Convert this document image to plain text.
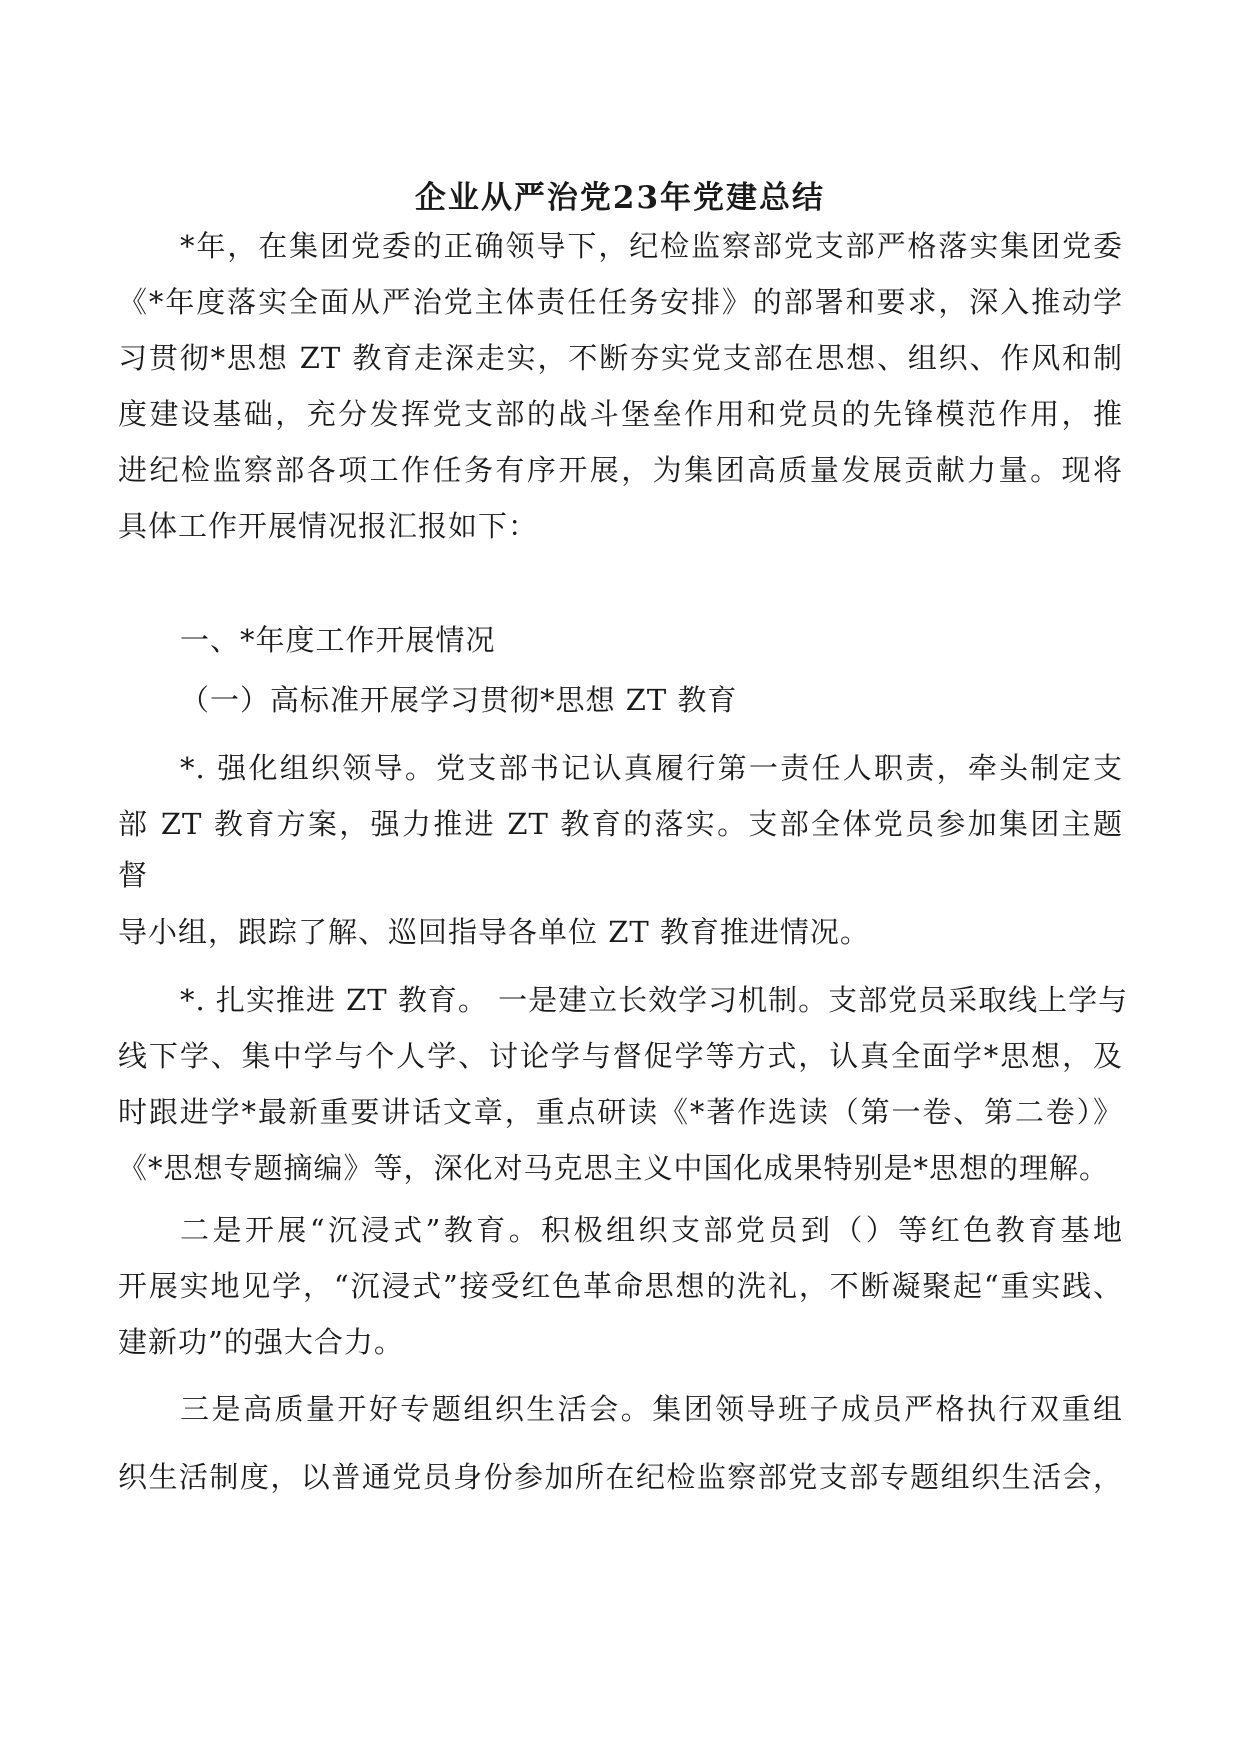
企业从严治党23年党建总结
*年，在集团党委的正确领导下，纪检监察部党支部严格落实集团党委
《*年度落实全面从严治党主体责任任务安排》的部署和要求，深入推动学
习贯彻*思想 ZT 教育走深走实，不断夯实党支部在思想、组织、作风和制
度建设基础，充分发挥党支部的战斗堡垒作用和党员的先锋模范作用，推
进纪检监察部各项工作任务有序开展，为集团高质量发展贡献力量。现将
具体工作开展情况报汇报如下：
一、*年度工作开展情况
（一）高标准开展学习贯彻*思想 ZT 教育
*. 强化组织领导。党支部书记认真履行第一责任人职责，牵头制定支
部 ZT 教育方案，强力推进 ZT 教育的落实。支部全体党员参加集团主题
督
导小组，跟踪了解、巡回指导各单位 ZT 教育推进情况。
*. 扎实推进 ZT 教育。 一是建立长效学习机制。支部党员采取线上学与
线下学、集中学与个人学、讨论学与督促学等方式，认真全面学*思想，及
时跟进学*最新重要讲话文章，重点研读《*著作选读（第一卷、第二卷）》
《*思想专题摘编》等，深化对马克思主义中国化成果特别是*思想的理解。
二是开展“沉浸式”教育。积极组织支部党员到（）等红色教育基地
开展实地见学，“沉浸式”接受红色革命思想的洗礼，不断凝聚起“重实践、
建新功”的强大合力。
三是高质量开好专题组织生活会。集团领导班子成员严格执行双重组
织生活制度，以普通党员身份参加所在纪检监察部党支部专题组织生活会，
